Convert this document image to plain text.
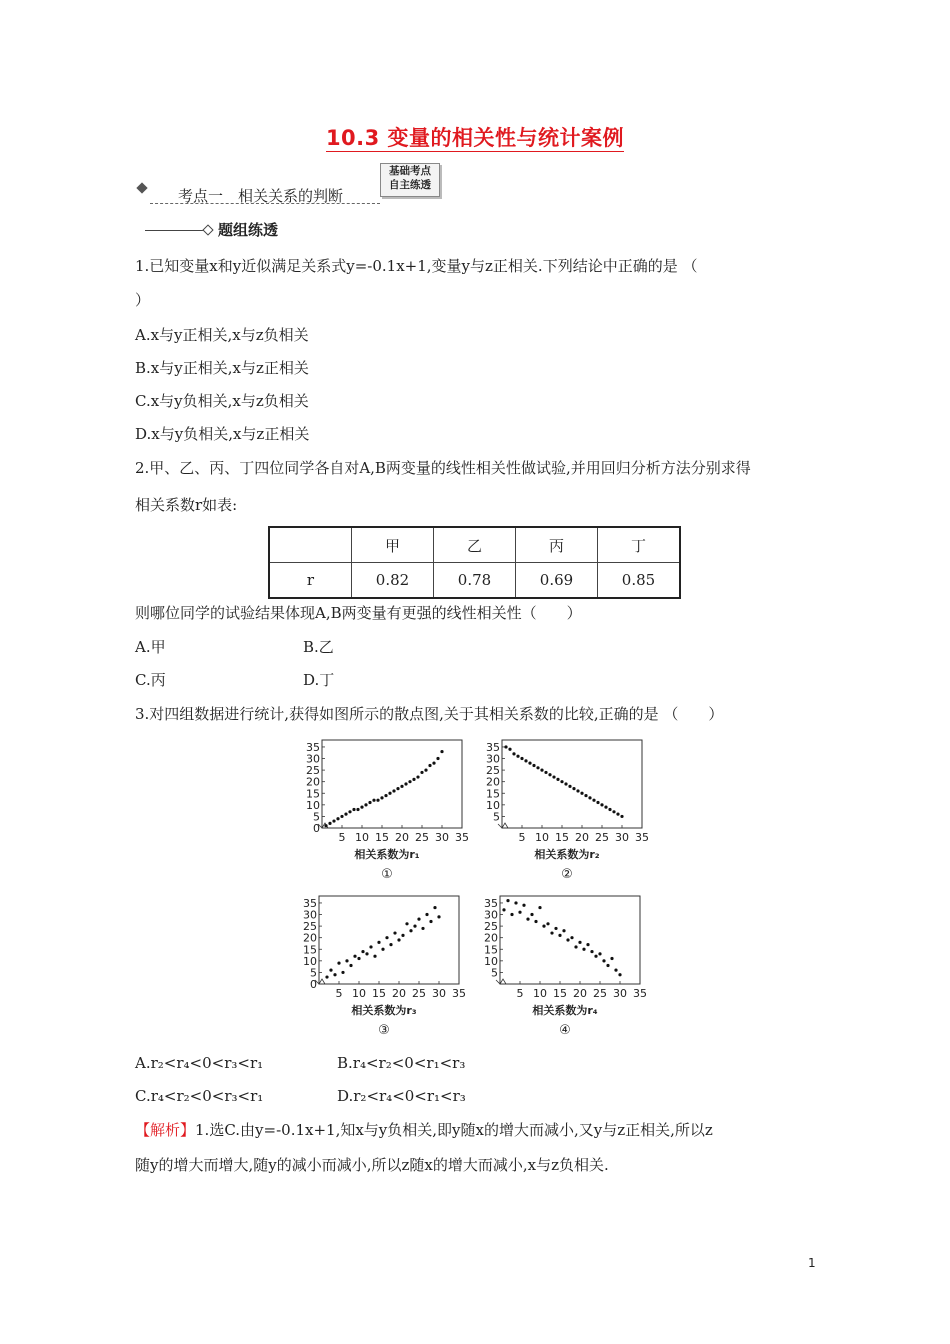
10.3 变量的相关性与统计案例
基础考点
自主练透
考点一　相关关系的判断
题组练透
1.已知变量x和y近似满足关系式y=-0.1x+1,变量y与z正相关.下列结论中正确的是 （
）
A.x与y正相关,x与z负相关
B.x与y正相关,x与z正相关
C.x与y负相关,x与z负相关
D.x与y负相关,x与z正相关
2.甲、乙、丙、丁四位同学各自对A,B两变量的线性相关性做试验,并用回归分析方法分别求得
相关系数r如表:
	甲	乙	丙	丁
r	0.82	0.78	0.69	0.85
则哪位同学的试验结果体现A,B两变量有更强的线性相关性（　　）
A.甲	B.乙
C.丙	D.丁
3.对四组数据进行统计,获得如图所示的散点图,关于其相关系数的比较,正确的是 （　　）
0
5
10
15
20
25
30
35
5 10 15 20 25 30 35
相关系数为r₁
①
5
10
15
20
25
30
35
5 10 15 20 25 30 35
相关系数为r₂
②
0
5
10
15
20
25
30
35
5 10 15 20 25 30 35
相关系数为r₃
③
5
10
15
20
25
30
35
5 10 15 20 25 30 35
相关系数为r₄
④
A.r₂<r₄<0<r₃<r₁	B.r₄<r₂<0<r₁<r₃
C.r₄<r₂<0<r₃<r₁	D.r₂<r₄<0<r₁<r₃
【解析】1.选C.由y=-0.1x+1,知x与y负相关,即y随x的增大而减小,又y与z正相关,所以z
随y的增大而增大,随y的减小而减小,所以z随x的增大而减小,x与z负相关.
1
